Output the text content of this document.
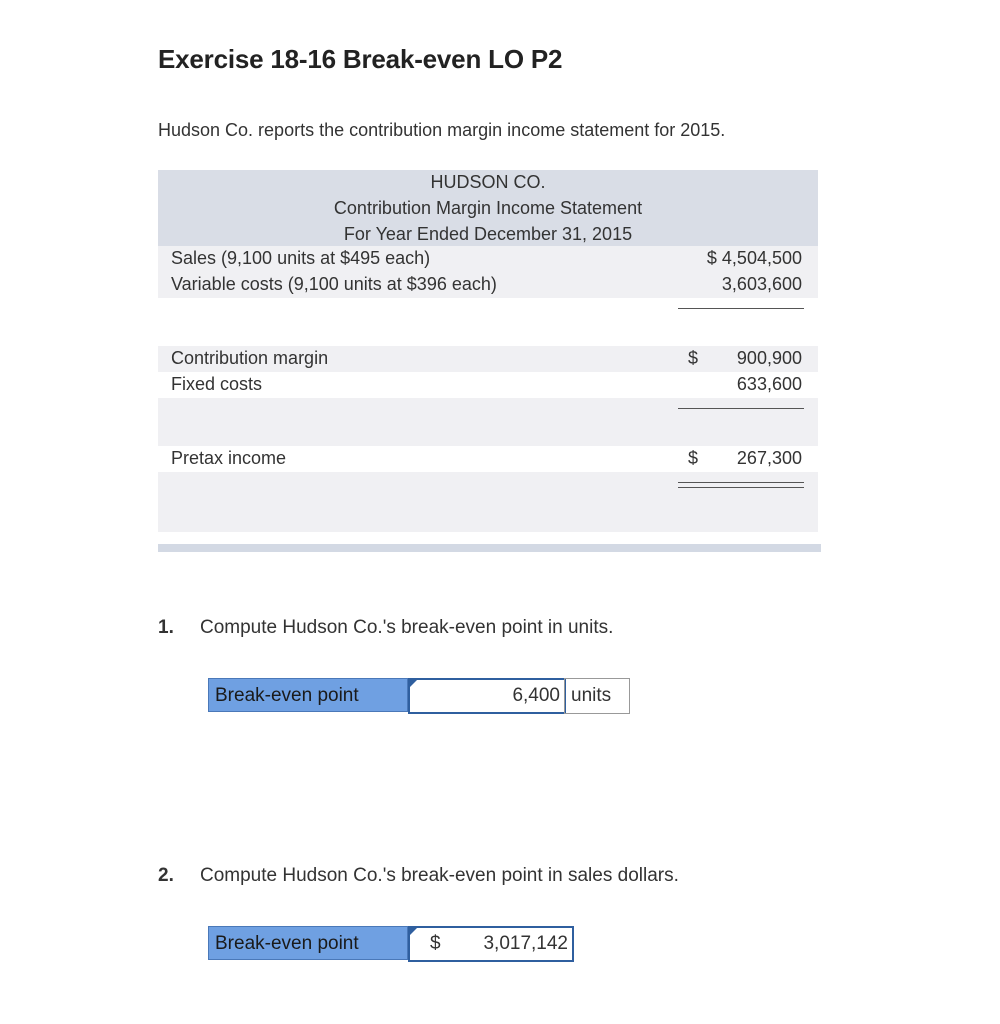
Exercise 18-16 Break-even LO P2
Hudson Co. reports the contribution margin income statement for 2015.
HUDSON CO.
Contribution Margin Income Statement
For Year Ended December 31, 2015
Sales (9,100 units at $495 each)	$ 4,504,500
Variable costs (9,100 units at $396 each)	3,603,600
Contribution margin	$ 900,900
Fixed costs	633,600
Pretax income	$ 267,300
1. Compute Hudson Co.'s break-even point in units.
Break-even point	6,400 units
2. Compute Hudson Co.'s break-even point in sales dollars.
Break-even point	$ 3,017,142
